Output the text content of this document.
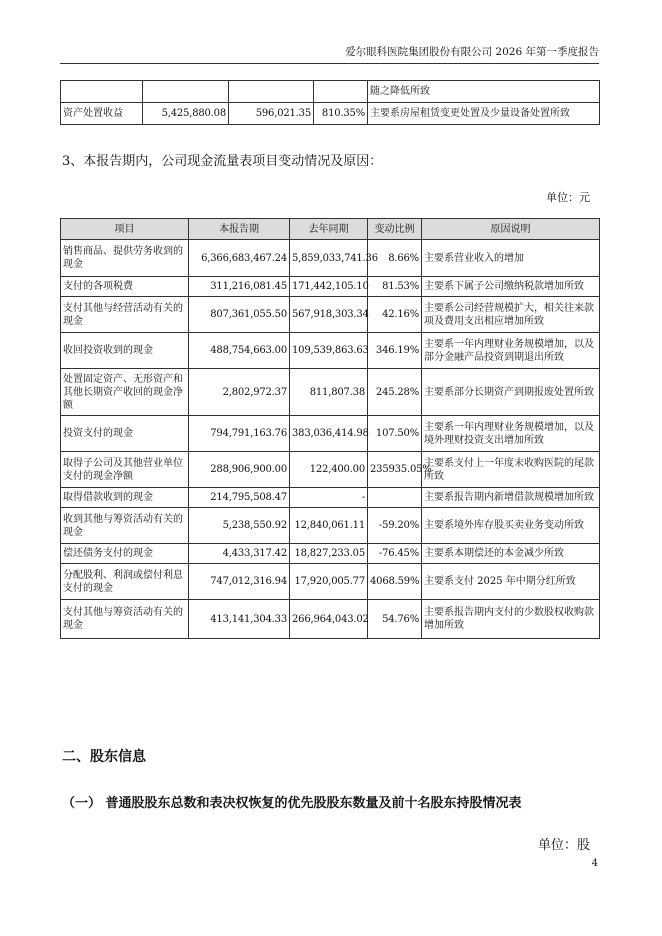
爱尔眼科医院集团股份有限公司 2026 年第一季度报告
				随之降低所致
资产处置收益	5,425,880.08	596,021.35	810.35%	主要系房屋租赁变更处置及少量设备处置所致
3、本报告期内，公司现金流量表项目变动情况及原因：
单位：元
项目	本报告期	去年同期	变动比例	原因说明
销售商品、提供劳务收到的现金	6,366,683,467.24	5,859,033,741.36	8.66%	主要系营业收入的增加
支付的各项税费	311,216,081.45	171,442,105.10	81.53%	主要系下属子公司缴纳税款增加所致
支付其他与经营活动有关的现金	807,361,055.50	567,918,303.34	42.16%	主要系公司经营规模扩大，相关往来款项及费用支出相应增加所致
收回投资收到的现金	488,754,663.00	109,539,863.63	346.19%	主要系一年内理财业务规模增加，以及部分金融产品投资到期退出所致
处置固定资产、无形资产和其他长期资产收回的现金净额	2,802,972.37	811,807.38	245.28%	主要系部分长期资产到期报废处置所致
投资支付的现金	794,791,163.76	383,036,414.98	107.50%	主要系一年内理财业务规模增加，以及境外理财投资支出增加所致
取得子公司及其他营业单位支付的现金净额	288,906,900.00	122,400.00	235935.05%	主要系支付上一年度末收购医院的尾款所致
取得借款收到的现金	214,795,508.47	-		主要系报告期内新增借款规模增加所致
收到其他与筹资活动有关的现金	5,238,550.92	12,840,061.11	-59.20%	主要系境外库存股买卖业务变动所致
偿还债务支付的现金	4,433,317.42	18,827,233.05	-76.45%	主要系本期偿还的本金减少所致
分配股利、利润或偿付利息支付的现金	747,012,316.94	17,920,005.77	4068.59%	主要系支付 2025 年中期分红所致
支付其他与筹资活动有关的现金	413,141,304.33	266,964,043.02	54.76%	主要系报告期内支付的少数股权收购款增加所致
二、股东信息
（一） 普通股股东总数和表决权恢复的优先股股东数量及前十名股东持股情况表
单位：股
4
